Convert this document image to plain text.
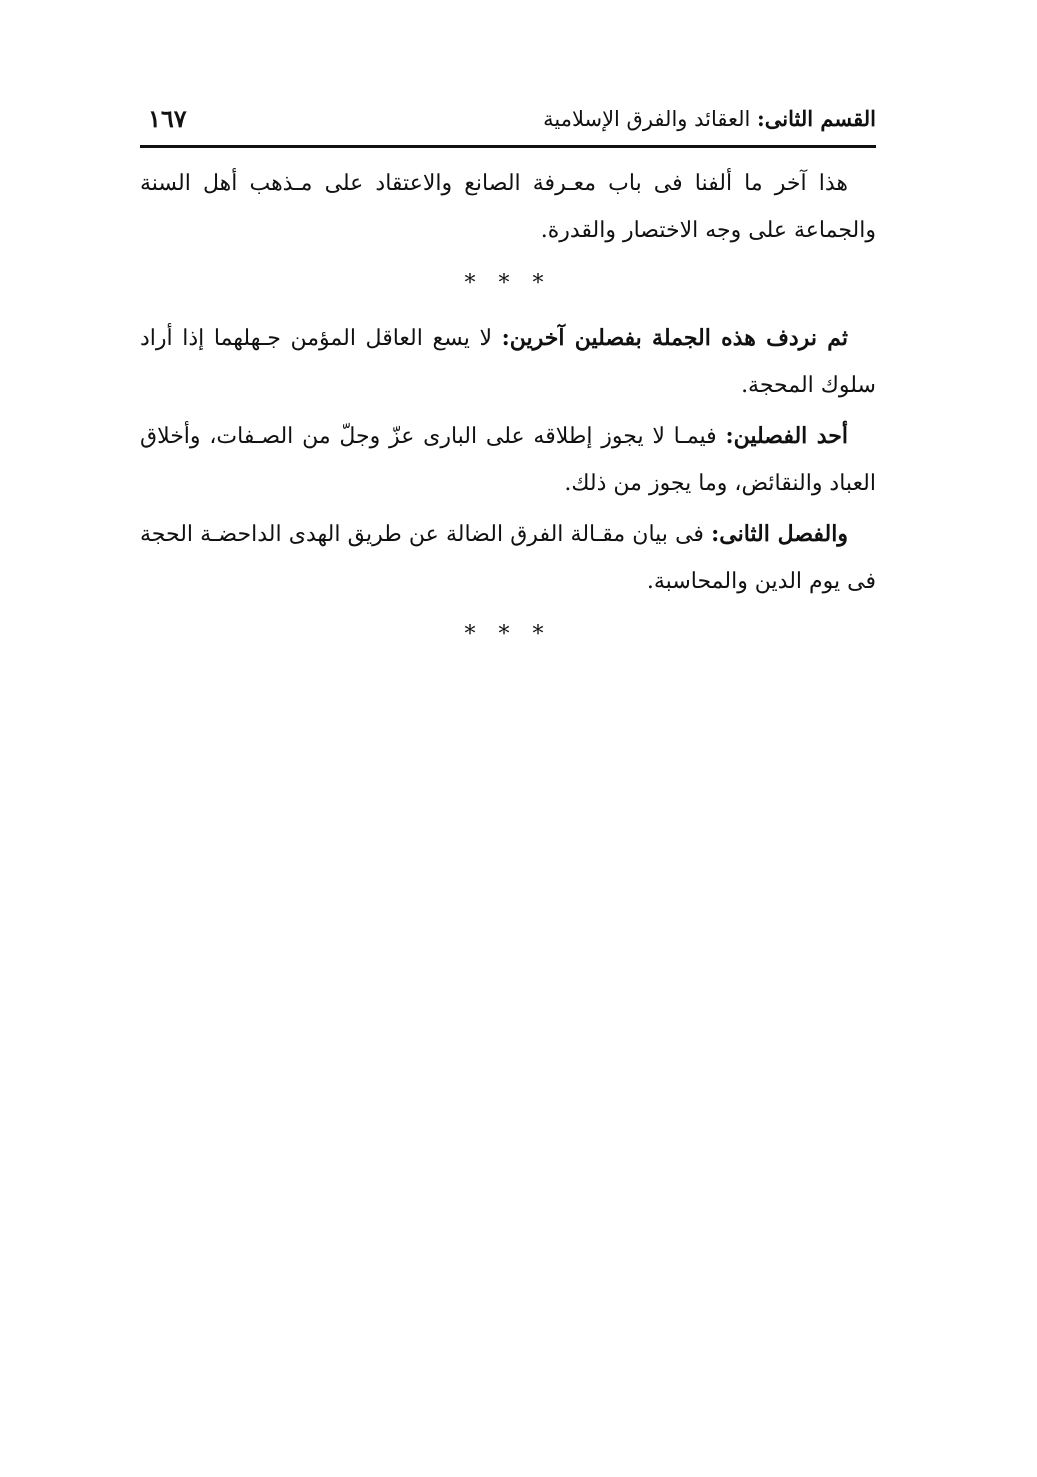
القسم الثانى: العقائد والفرق الإسلامية
١٦٧

هذا آخر ما ألفنا فى باب معـرفة الصانع والاعتقاد على مـذهب أهل السنة والجماعة على وجه الاختصار والقدرة.

* * *

ثم نردف هذه الجملة بفصلين آخرين: لا يسع العاقل المؤمن جـهلهما إذا أراد سلوك المحجة.

أحد الفصلين: فيمـا لا يجوز إطلاقه على البارى عزّ وجلّ من الصـفات، وأخلاق العباد والنقائض، وما يجوز من ذلك.

والفصل الثانى: فى بيان مقـالة الفرق الضالة عن طريق الهدى الداحضـة الحجة فى يوم الدين والمحاسبة.

* * *
